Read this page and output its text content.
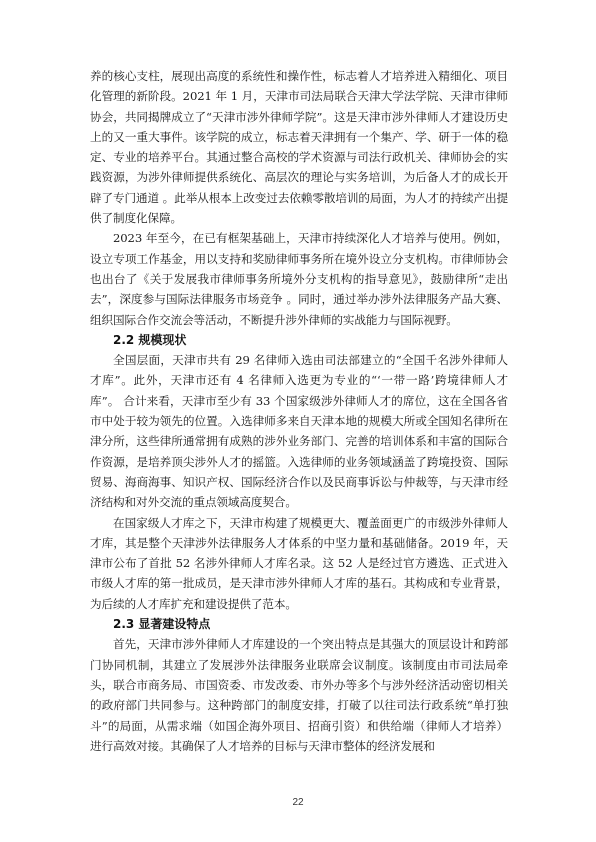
养的核心支柱，展现出高度的系统性和操作性，标志着人才培养进入精细化、项目化管理的新阶段。2021 年 1 月，天津市司法局联合天津大学法学院、天津市律师协会，共同揭牌成立了“天津市涉外律师学院”。这是天津市涉外律师人才建设历史上的又一重大事件。该学院的成立，标志着天津拥有一个集产、学、研于一体的稳定、专业的培养平台。其通过整合高校的学术资源与司法行政机关、律师协会的实践资源，为涉外律师提供系统化、高层次的理论与实务培训，为后备人才的成长开辟了专门通道 。此举从根本上改变过去依赖零散培训的局面，为人才的持续产出提供了制度化保障。

2023 年至今，在已有框架基础上，天津市持续深化人才培养与使用。例如，设立专项工作基金，用以支持和奖励律师事务所在境外设立分支机构。市律师协会也出台了《关于发展我市律师事务所境外分支机构的指导意见》，鼓励律所“走出去”，深度参与国际法律服务市场竞争 。同时，通过举办涉外法律服务产品大赛、组织国际合作交流会等活动，不断提升涉外律师的实战能力与国际视野。

2.2 规模现状

全国层面，天津市共有 29 名律师入选由司法部建立的“全国千名涉外律师人才库”。此外，天津市还有 4 名律师入选更为专业的“‘一带一路’跨境律师人才库”。 合计来看，天津市至少有 33 个国家级涉外律师人才的席位，这在全国各省市中处于较为领先的位置。入选律师多来自天津本地的规模大所或全国知名律所在津分所，这些律所通常拥有成熟的涉外业务部门、完善的培训体系和丰富的国际合作资源，是培养顶尖涉外人才的摇篮。入选律师的业务领域涵盖了跨境投资、国际贸易、海商海事、知识产权、国际经济合作以及民商事诉讼与仲裁等，与天津市经济结构和对外交流的重点领域高度契合。

在国家级人才库之下，天津市构建了规模更大、覆盖面更广的市级涉外律师人才库，其是整个天津涉外法律服务人才体系的中坚力量和基础储备。2019 年，天津市公布了首批 52 名涉外律师人才库名录。这 52 人是经过官方遴选、正式进入市级人才库的第一批成员，是天津市涉外律师人才库的基石。其构成和专业背景，为后续的人才库扩充和建设提供了范本。

2.3 显著建设特点

首先，天津市涉外律师人才库建设的一个突出特点是其强大的顶层设计和跨部门协同机制，其建立了发展涉外法律服务业联席会议制度。该制度由市司法局牵头，联合市商务局、市国资委、市发改委、市外办等多个与涉外经济活动密切相关的政府部门共同参与。这种跨部门的制度安排，打破了以往司法行政系统“单打独斗”的局面，从需求端（如国企海外项目、招商引资）和供给端（律师人才培养）进行高效对接。其确保了人才培养的目标与天津市整体的经济发展和

22
